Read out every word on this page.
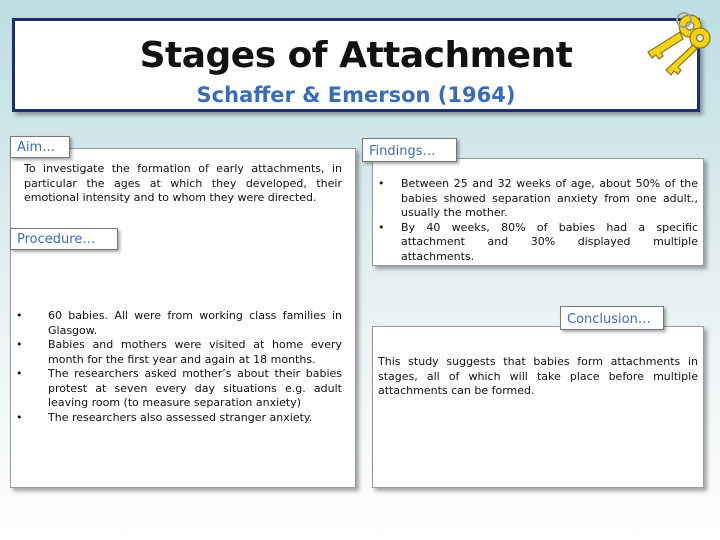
Stages of Attachment
Schaffer & Emerson (1964)
Aim…
To investigate the formation of early attachments, in particular the ages at which they developed, their emotional intensity and to whom they were directed.
Procedure…
• 60 babies. All were from working class families in Glasgow.
• Babies and mothers were visited at home every month for the first year and again at 18 months.
• The researchers asked mother’s about their babies protest at seven every day situations e.g. adult leaving room (to measure separation anxiety)
• The researchers also assessed stranger anxiety.
Findings…
• Between 25 and 32 weeks of age, about 50% of the babies showed separation anxiety from one adult., usually the mother.
• By 40 weeks, 80% of babies had a specific attachment and 30% displayed multiple attachments.
Conclusion…
This study suggests that babies form attachments in stages, all of which will take place before multiple attachments can be formed.
